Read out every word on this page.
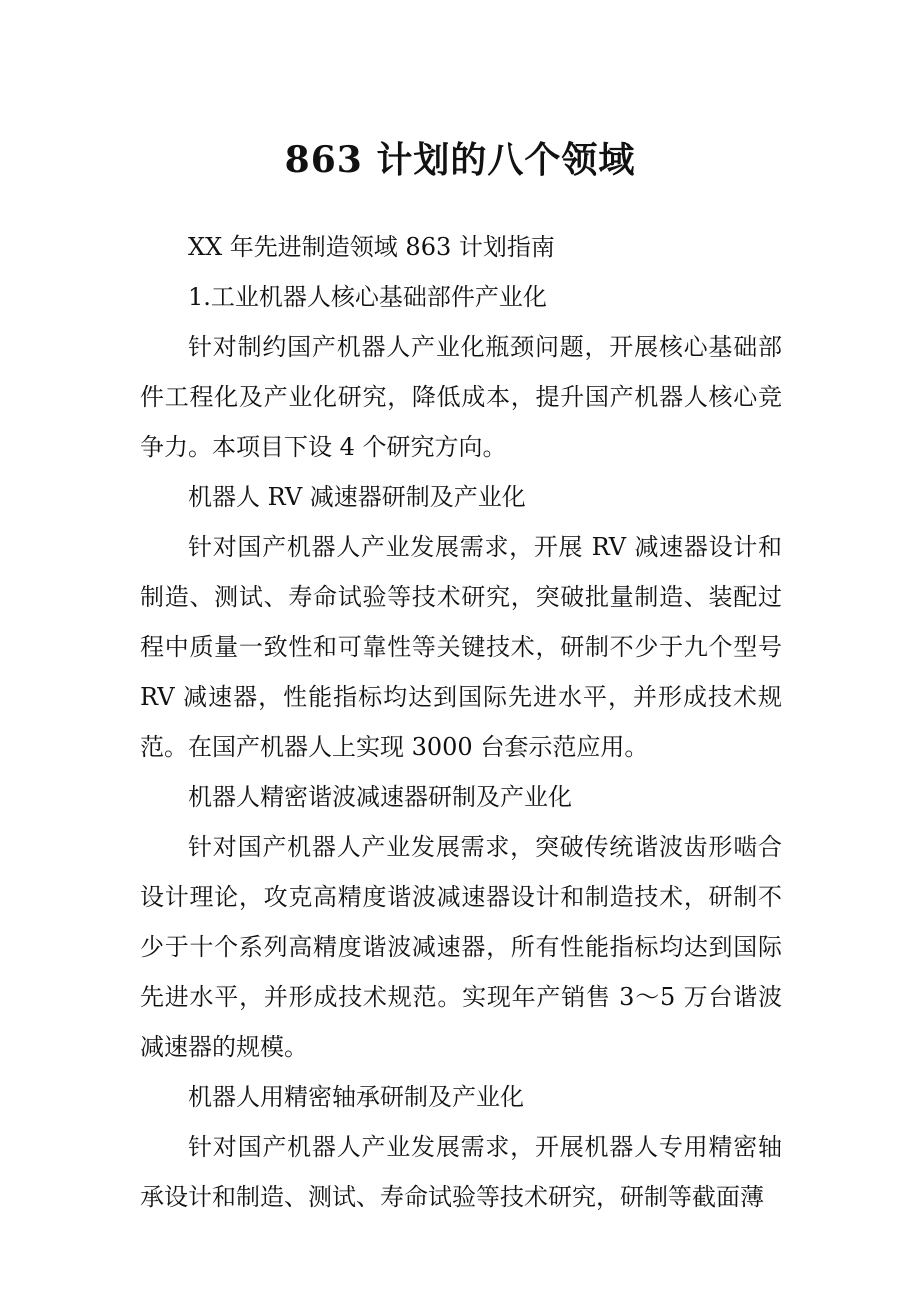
863 计划的八个领域

XX 年先进制造领域 863 计划指南

1.工业机器人核心基础部件产业化

针对制约国产机器人产业化瓶颈问题，开展核心基础部件工程化及产业化研究，降低成本，提升国产机器人核心竞争力。本项目下设 4 个研究方向。

机器人 RV 减速器研制及产业化

针对国产机器人产业发展需求，开展 RV 减速器设计和制造、测试、寿命试验等技术研究，突破批量制造、装配过程中质量一致性和可靠性等关键技术，研制不少于九个型号 RV 减速器，性能指标均达到国际先进水平，并形成技术规范。在国产机器人上实现 3000 台套示范应用。

机器人精密谐波减速器研制及产业化

针对国产机器人产业发展需求，突破传统谐波齿形啮合设计理论，攻克高精度谐波减速器设计和制造技术，研制不少于十个系列高精度谐波减速器，所有性能指标均达到国际先进水平，并形成技术规范。实现年产销售 3～5 万台谐波减速器的规模。

机器人用精密轴承研制及产业化

针对国产机器人产业发展需求，开展机器人专用精密轴承设计和制造、测试、寿命试验等技术研究，研制等截面薄
